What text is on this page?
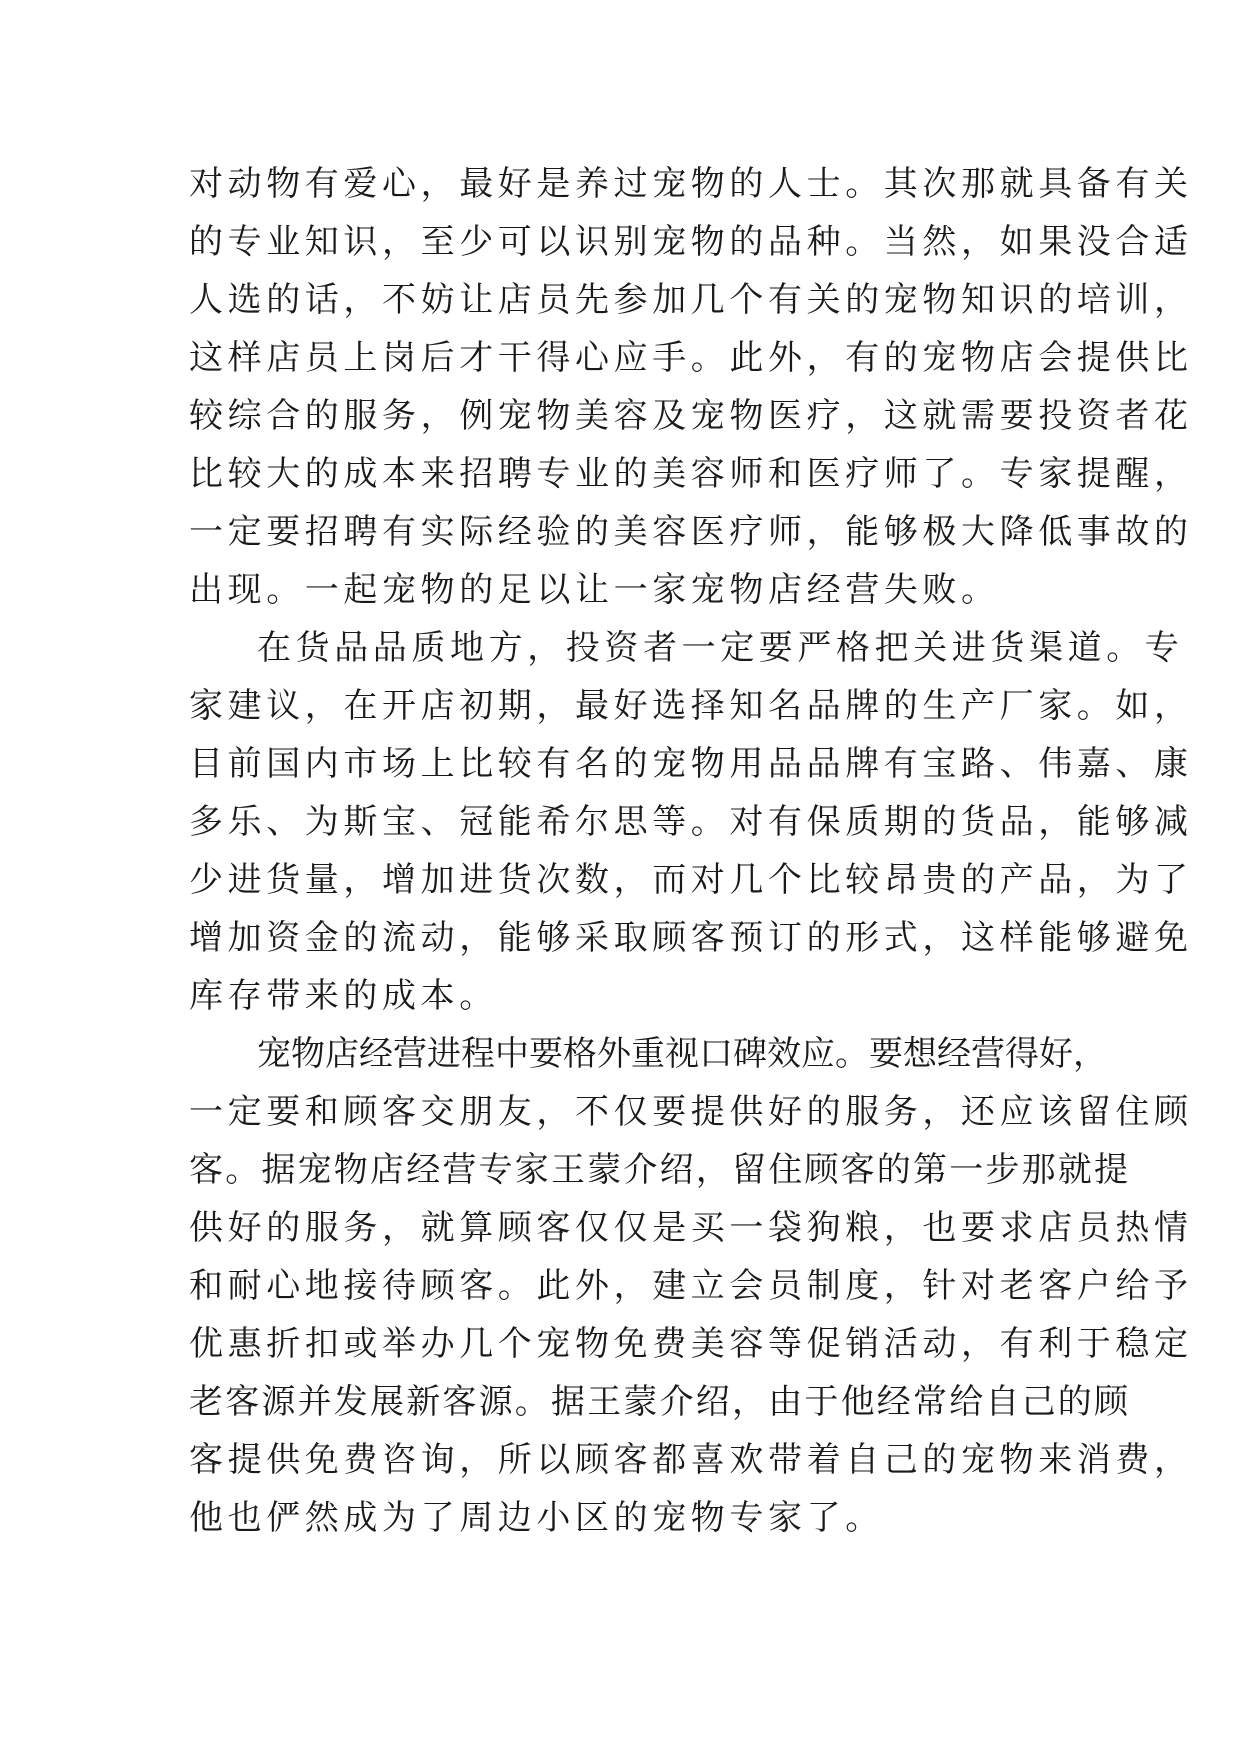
对动物有爱心，最好是养过宠物的人士。其次那就具备有关
的专业知识，至少可以识别宠物的品种。当然，如果没合适
人选的话，不妨让店员先参加几个有关的宠物知识的培训，
这样店员上岗后才干得心应手。此外，有的宠物店会提供比
较综合的服务，例宠物美容及宠物医疗，这就需要投资者花
比较大的成本来招聘专业的美容师和医疗师了。专家提醒，
一定要招聘有实际经验的美容医疗师，能够极大降低事故的
出现。一起宠物的足以让一家宠物店经营失败。
在货品品质地方，投资者一定要严格把关进货渠道。专
家建议，在开店初期，最好选择知名品牌的生产厂家。如，
目前国内市场上比较有名的宠物用品品牌有宝路、伟嘉、康
多乐、为斯宝、冠能希尔思等。对有保质期的货品，能够减
少进货量，增加进货次数，而对几个比较昂贵的产品，为了
增加资金的流动，能够采取顾客预订的形式，这样能够避免
库存带来的成本。
宠物店经营进程中要格外重视口碑效应。要想经营得好，
一定要和顾客交朋友，不仅要提供好的服务，还应该留住顾
客。据宠物店经营专家王蒙介绍，留住顾客的第一步那就提
供好的服务，就算顾客仅仅是买一袋狗粮，也要求店员热情
和耐心地接待顾客。此外，建立会员制度，针对老客户给予
优惠折扣或举办几个宠物免费美容等促销活动，有利于稳定
老客源并发展新客源。据王蒙介绍，由于他经常给自己的顾
客提供免费咨询，所以顾客都喜欢带着自己的宠物来消费，
他也俨然成为了周边小区的宠物专家了。
